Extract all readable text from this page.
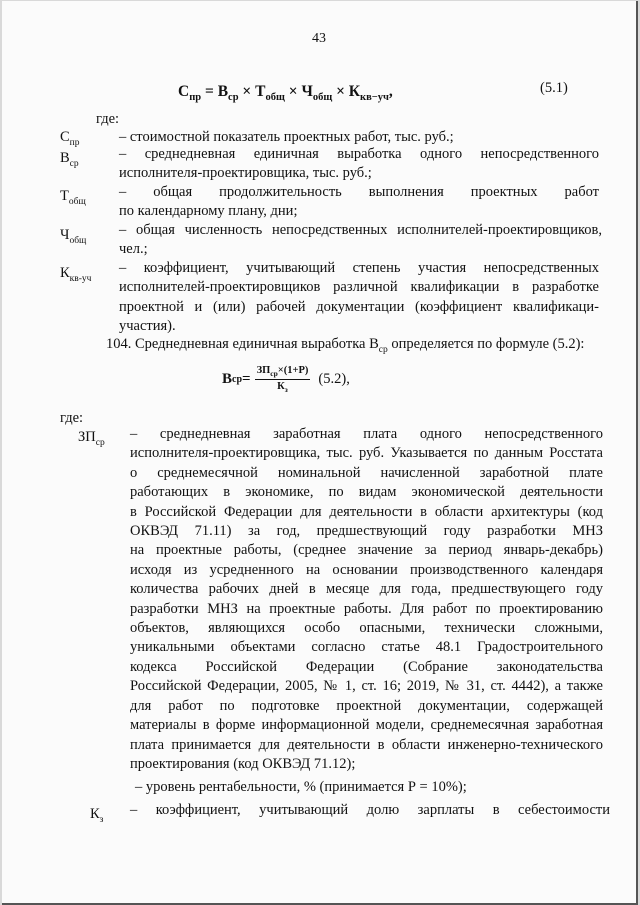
43
$С_{пр} = В_{ср} \times Т_{общ} \times Ч_{общ} \times К_{кв-уч}$,	(5.1)
где:
$С_{пр}$	– стоимостной показатель проектных работ, тыс. руб.;
$В_{ср}$
– среднедневная единичная выработка одного непосредственного
исполнителя-проектировщика, тыс. руб.;
$Т_{общ}$
– общая продолжительность выполнения проектных работ
по календарному плану, дни;
$Ч_{общ}$
– общая численность непосредственных исполнителей-проектировщиков,
чел.;
$К_{кв-уч}$
– коэффициент, учитывающий степень участия непосредственных
исполнителей-проектировщиков различной квалификации в разработке
проектной и (или) рабочей документации (коэффициент квалификаци-
участия).
104. Среднедневная единичная выработка $В_{ср}$ определяется по формуле (5.2):
В ср = $\frac{ЗП_{ср}\times(1+Р)}{К_з} (5.2)$,
где:
$ЗП_{ср}$
– среднедневная заработная плата одного непосредственного
исполнителя-проектировщика, тыс. руб. Указывается по данным Росстата
о среднемесячной номинальной начисленной заработной плате
работающих в экономике, по видам экономической деятельности
в Российской Федерации для деятельности в области архитектуры (код
ОКВЭД 71.11) за год, предшествующий году разработки МНЗ
на проектные работы, (среднее значение за период январь-декабрь)
исходя из усредненного на основании производственного календаря
количества рабочих дней в месяце для года, предшествующего году
разработки МНЗ на проектные работы. Для работ по проектированию
объектов, являющихся особо опасными, технически сложными,
уникальными объектами согласно статье 48.1 Градостроительного
кодекса Российской Федерации (Собрание законодательства
Российской Федерации, 2005, № 1, ст. 16; 2019, № 31, ст. 4442), а также
для работ по подготовке проектной документации, содержащей
материалы в форме информационной модели, среднемесячная заработная
плата принимается для деятельности в области инженерно-технического
проектирования (код ОКВЭД 71.12);
– уровень рентабельности, % (принимается Р = 10%);
$К_з$
– коэффициент, учитывающий долю зарплаты в себестоимости
